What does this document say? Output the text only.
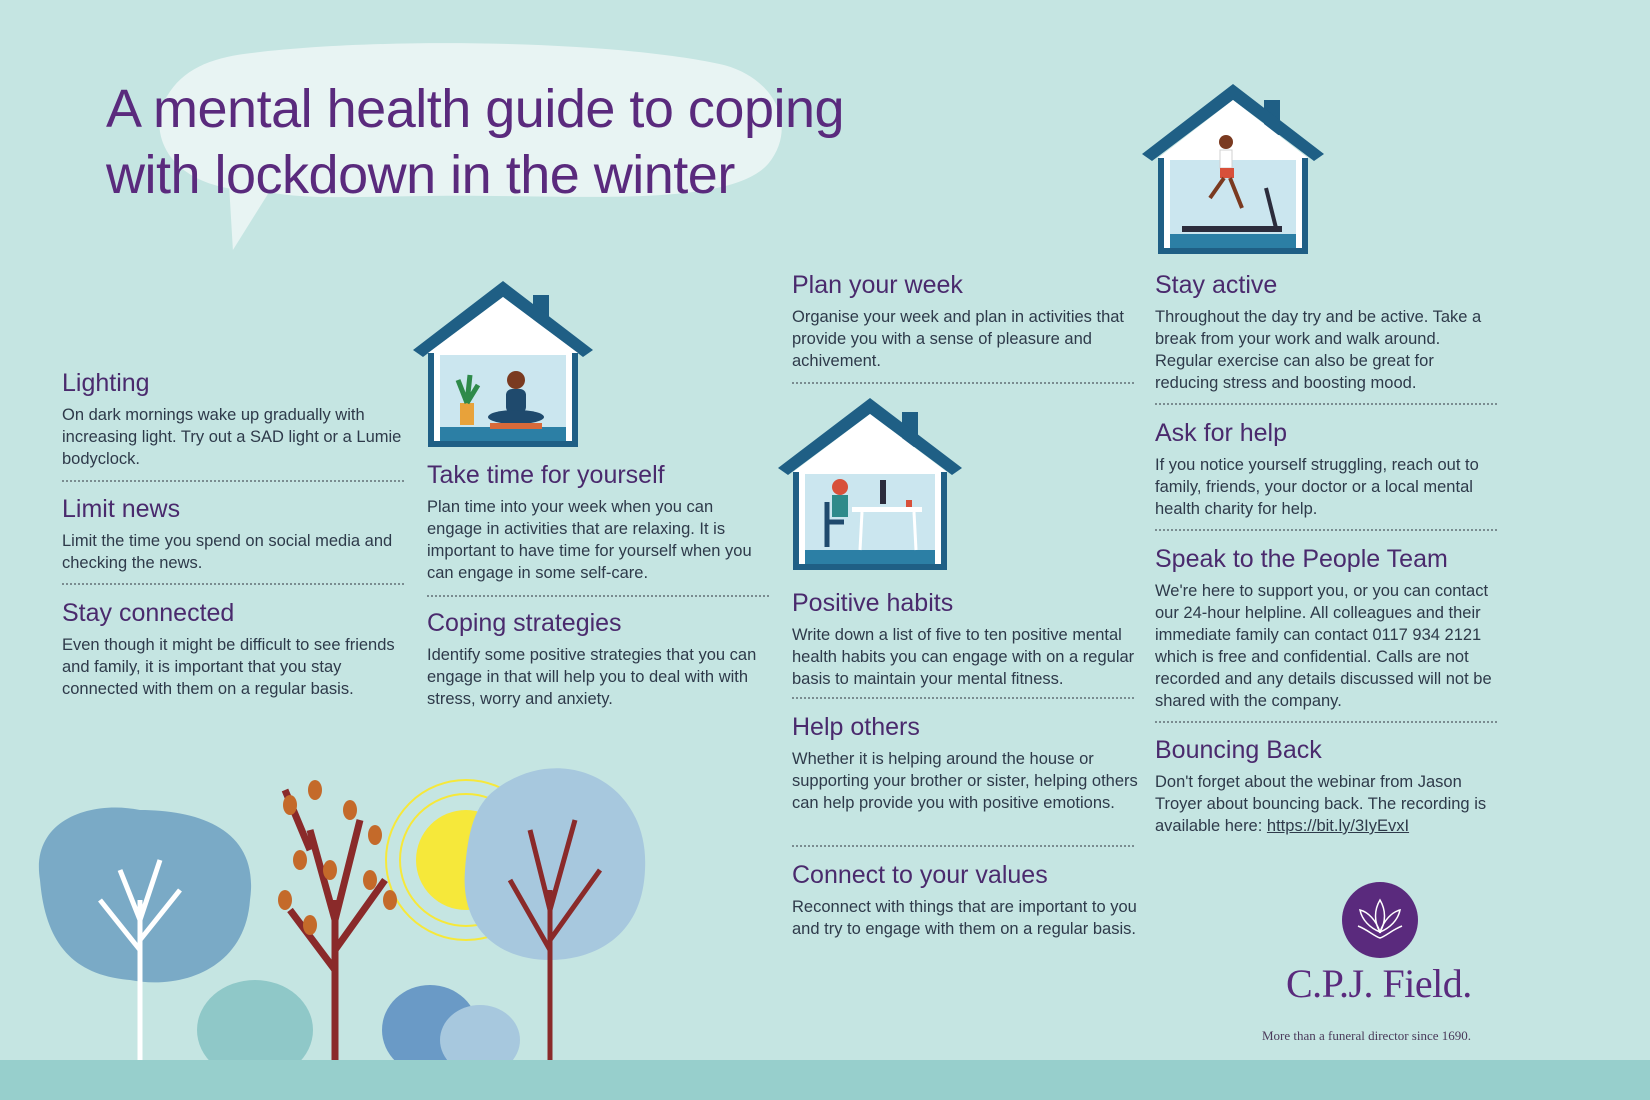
A mental health guide to coping with lockdown in the winter
Lighting

On dark mornings wake up gradually with increasing light. Try out a SAD light or a Lumie bodyclock.

Limit news

Limit the time you spend on social media and checking the news.

Stay connected

Even though it might be difficult to see friends and family, it is important that you stay connected with them on a regular basis.

Take time for yourself

Plan time into your week when you can engage in activities that are relaxing. It is important to have time for yourself when you can engage in some self-care.

Coping strategies

Identify some positive strategies that you can engage in that will help you to deal with with stress, worry and anxiety.

Plan your week

Organise your week and plan in activities that provide you with a sense of pleasure and achivement.

Positive habits

Write down a list of five to ten positive mental health habits you can engage with on a regular basis to maintain your mental fitness.

Help others

Whether it is helping around the house or supporting your brother or sister, helping others can help provide you with positive emotions.

Connect to your values

Reconnect with things that are important to you and try to engage with them on a regular basis.

Stay active

Throughout the day try and be active. Take a break from your work and walk around. Regular exercise can also be great for reducing stress and boosting mood.

Ask for help

If you notice yourself struggling, reach out to family, friends, your doctor or a local mental health charity for help.

Speak to the People Team

We're here to support you, or you can contact our 24-hour helpline. All colleagues and their immediate family can contact 0117 934 2121 which is free and confidential. Calls are not recorded and any details discussed will not be shared with the company.

Bouncing Back

Don't forget about the webinar from Jason Troyer about bouncing back. The recording is available here: https://bit.ly/3IyEvxI

C.P.J. Field.
More than a funeral director since 1690.
